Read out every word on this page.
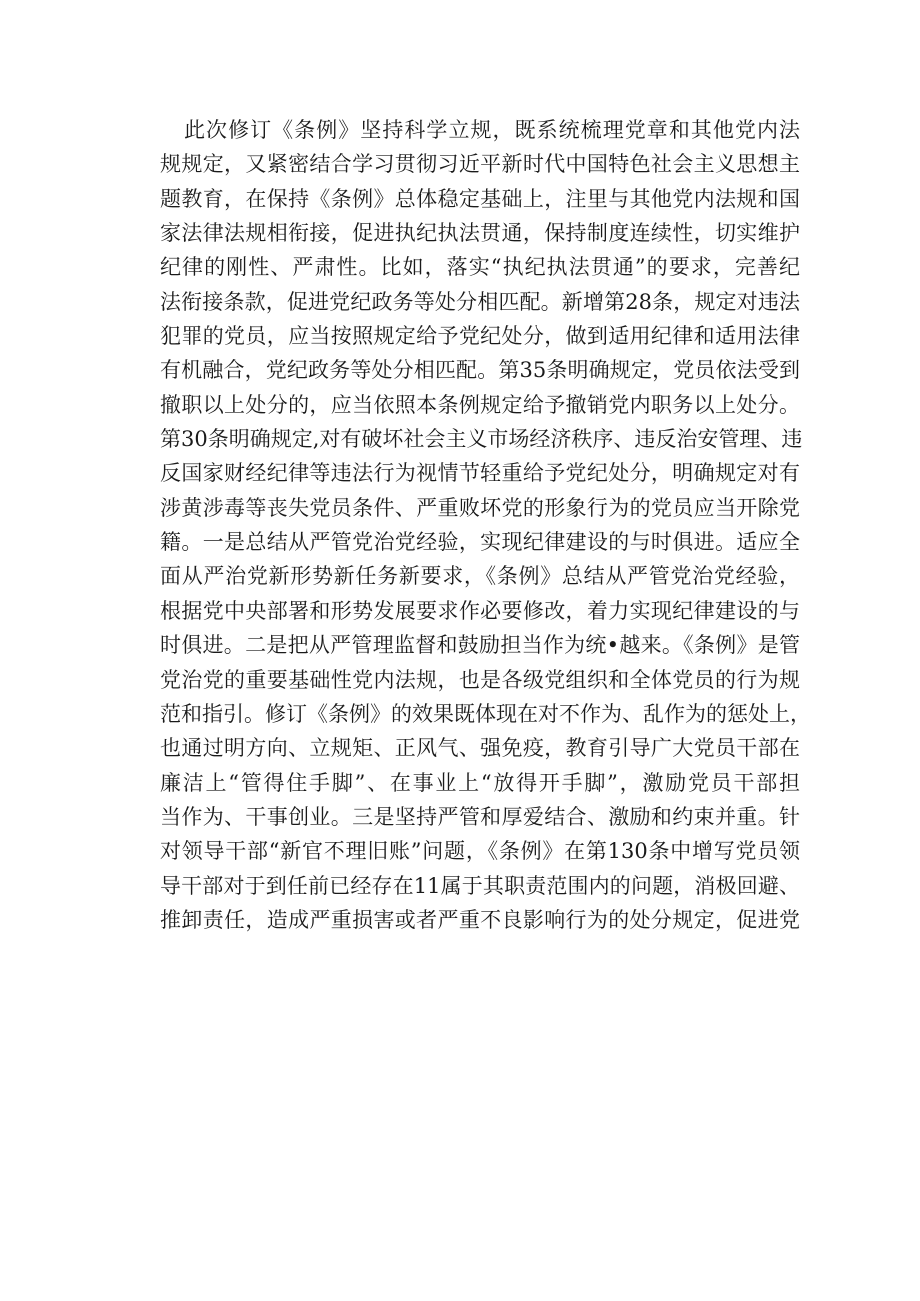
此次修订《条例》坚持科学立规，既系统梳理党章和其他党内法
规规定，又紧密结合学习贯彻习近平新时代中国特色社会主义思想主
题教育，在保持《条例》总体稳定基础上，注里与其他党内法规和国
家法律法规相衔接，促进执纪执法贯通，保持制度连续性，切实维护
纪律的刚性、严肃性。比如，落实“执纪执法贯通”的要求，完善纪
法衔接条款，促进党纪政务等处分相匹配。新增第28条，规定对违法
犯罪的党员，应当按照规定给予党纪处分，做到适用纪律和适用法律
有机融合，党纪政务等处分相匹配。第35条明确规定，党员依法受到
撤职以上处分的，应当依照本条例规定给予撤销党内职务以上处分。
第30条明确规定,对有破坏社会主义市场经济秩序、违反治安管理、违
反国家财经纪律等违法行为视情节轻重给予党纪处分，明确规定对有
涉黄涉毒等丧失党员条件、严重败坏党的形象行为的党员应当开除党
籍。一是总结从严管党治党经验，实现纪律建设的与时俱进。适应全
面从严治党新形势新任务新要求，《条例》总结从严管党治党经验，
根据党中央部署和形势发展要求作必要修改，着力实现纪律建设的与
时俱进。二是把从严管理监督和鼓励担当作为统•越来。《条例》是管
党治党的重要基础性党内法规，也是各级党组织和全体党员的行为规
范和指引。修订《条例》的效果既体现在对不作为、乱作为的惩处上，
也通过明方向、立规矩、正风气、强免疫，教育引导广大党员干部在
廉洁上“管得住手脚”、在事业上“放得开手脚”，激励党员干部担
当作为、干事创业。三是坚持严管和厚爱结合、激励和约束并重。针
对领导干部“新官不理旧账”问题，《条例》在第130条中增写党员领
导干部对于到任前已经存在11属于其职责范围内的问题，消极回避、
推卸责任，造成严重损害或者严重不良影响行为的处分规定，促进党
